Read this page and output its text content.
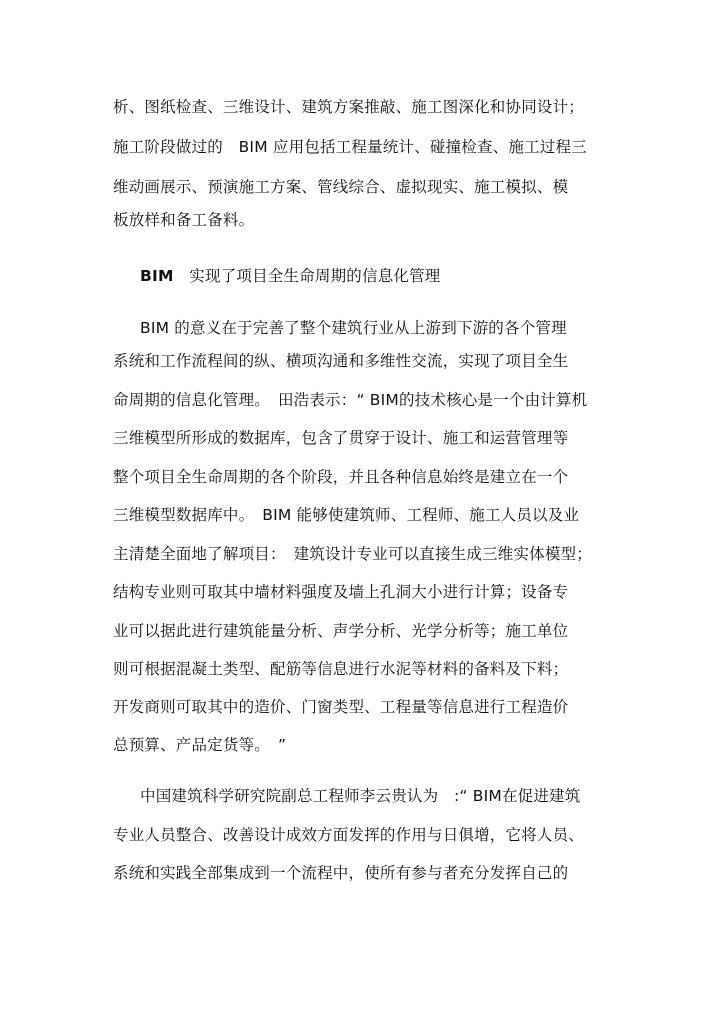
析、图纸检查、三维设计、建筑方案推敲、施工图深化和协同设计；
施工阶段做过的　BIM 应用包括工程量统计、碰撞检查、施工过程三
维动画展示、预演施工方案、管线综合、虚拟现实、施工模拟、模
板放样和备工备料。
BIM　实现了项目全生命周期的信息化管理
BIM 的意义在于完善了整个建筑行业从上游到下游的各个管理
系统和工作流程间的纵、横项沟通和多维性交流，实现了项目全生
命周期的信息化管理。　田浩表示：“ BIM的技术核心是一个由计算机
三维模型所形成的数据库，包含了贯穿于设计、施工和运营管理等
整个项目全生命周期的各个阶段，并且各种信息始终是建立在一个
三维模型数据库中。　BIM 能够使建筑师、工程师、施工人员以及业
主清楚全面地了解项目：　建筑设计专业可以直接生成三维实体模型；
结构专业则可取其中墙材料强度及墙上孔洞大小进行计算；设备专
业可以据此进行建筑能量分析、声学分析、光学分析等；施工单位
则可根据混凝土类型、配筋等信息进行水泥等材料的备料及下料；
开发商则可取其中的造价、门窗类型、工程量等信息进行工程造价
总预算、产品定货等。　”
中国建筑科学研究院副总工程师李云贵认为　:“ BIM在促进建筑
专业人员整合、改善设计成效方面发挥的作用与日俱增，它将人员、
系统和实践全部集成到一个流程中，使所有参与者充分发挥自己的
